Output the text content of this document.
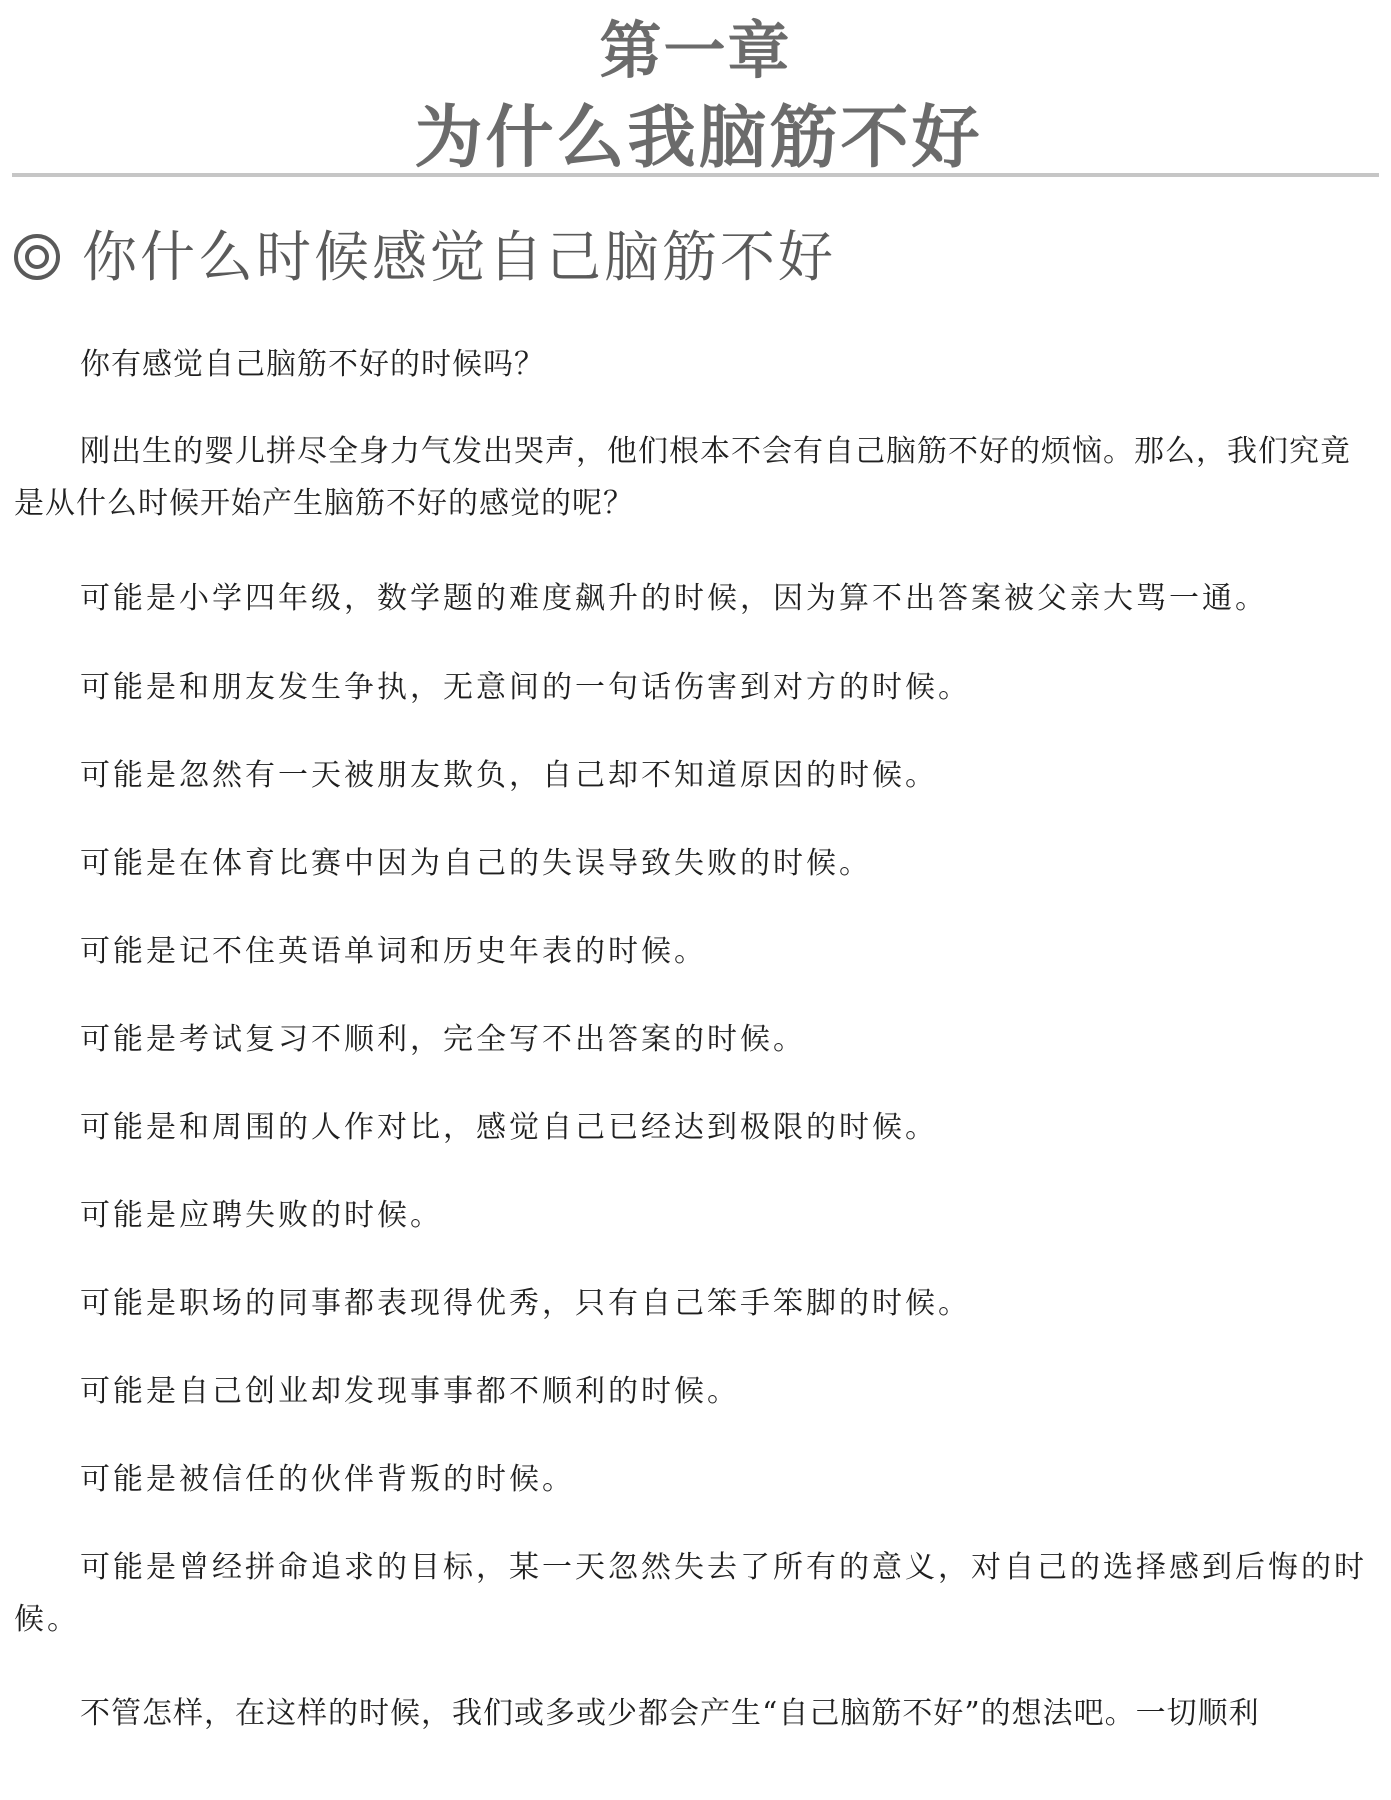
第一章
为什么我脑筋不好
你什么时候感觉自己脑筋不好

你有感觉自己脑筋不好的时候吗？

刚出生的婴儿拼尽全身力气发出哭声，他们根本不会有自己脑筋不好的烦恼。那么，我们究竟是从什么时候开始产生脑筋不好的感觉的呢？

可能是小学四年级，数学题的难度飙升的时候，因为算不出答案被父亲大骂一通。

可能是和朋友发生争执，无意间的一句话伤害到对方的时候。

可能是忽然有一天被朋友欺负，自己却不知道原因的时候。

可能是在体育比赛中因为自己的失误导致失败的时候。

可能是记不住英语单词和历史年表的时候。

可能是考试复习不顺利，完全写不出答案的时候。

可能是和周围的人作对比，感觉自己已经达到极限的时候。

可能是应聘失败的时候。

可能是职场的同事都表现得优秀，只有自己笨手笨脚的时候。

可能是自己创业却发现事事都不顺利的时候。

可能是被信任的伙伴背叛的时候。

可能是曾经拼命追求的目标，某一天忽然失去了所有的意义，对自己的选择感到后悔的时候。

不管怎样，在这样的时候，我们或多或少都会产生“自己脑筋不好”的想法吧。一切顺利
